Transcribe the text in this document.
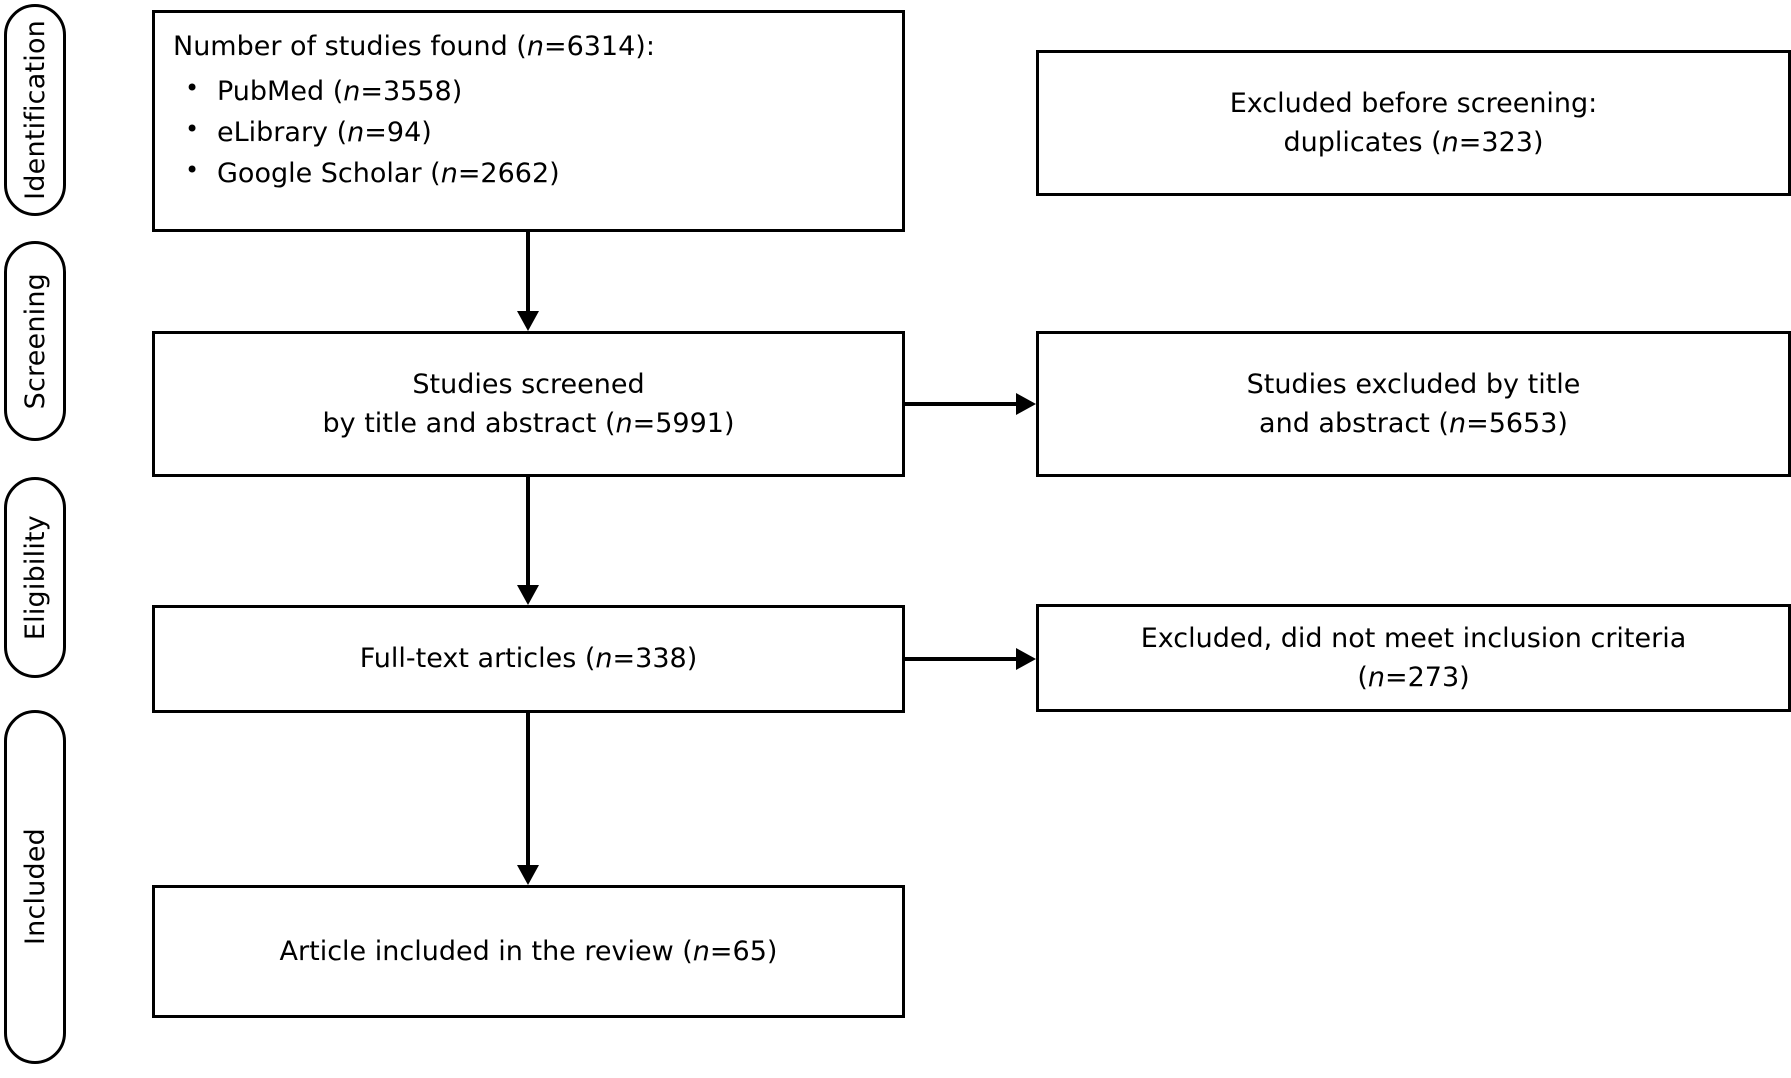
Identification
Screening
Eligibility
Included
Number of studies found (n=6314):
• PubMed (n=3558)
• eLibrary (n=94)
• Google Scholar (n=2662)
Excluded before screening:
duplicates (n=323)
Studies screened
by title and abstract (n=5991)
Studies excluded by title
and abstract (n=5653)
Full-text articles (n=338)
Excluded, did not meet inclusion criteria
(n=273)
Article included in the review (n=65)
